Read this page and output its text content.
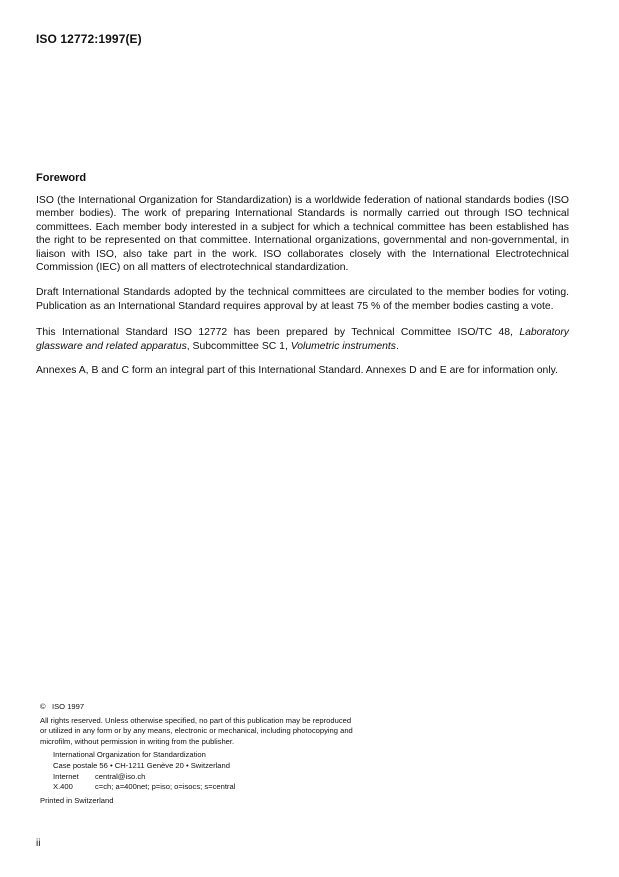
ISO 12772:1997(E)
Foreword

ISO (the International Organization for Standardization) is a worldwide federation of national standards bodies (ISO member bodies). The work of preparing International Standards is normally carried out through ISO technical committees. Each member body interested in a subject for which a technical committee has been established has the right to be represented on that committee. International organizations, governmental and non-governmental, in liaison with ISO, also take part in the work. ISO collaborates closely with the International Electrotechnical Commission (IEC) on all matters of electrotechnical standardization.

Draft International Standards adopted by the technical committees are circulated to the member bodies for voting. Publication as an International Standard requires approval by at least 75 % of the member bodies casting a vote.

This International Standard ISO 12772 has been prepared by Technical Committee ISO/TC 48, Laboratory glassware and related apparatus, Subcommittee SC 1, Volumetric instruments.

Annexes A, B and C form an integral part of this International Standard. Annexes D and E are for information only.

© ISO 1997
All rights reserved. Unless otherwise specified, no part of this publication may be reproduced
or utilized in any form or by any means, electronic or mechanical, including photocopying and
microfilm, without permission in writing from the publisher.
International Organization for Standardization
Case postale 56 • CH-1211 Genève 20 • Switzerland
Internet	central@iso.ch
X.400	c=ch; a=400net; p=iso; o=isocs; s=central
Printed in Switzerland
ii
